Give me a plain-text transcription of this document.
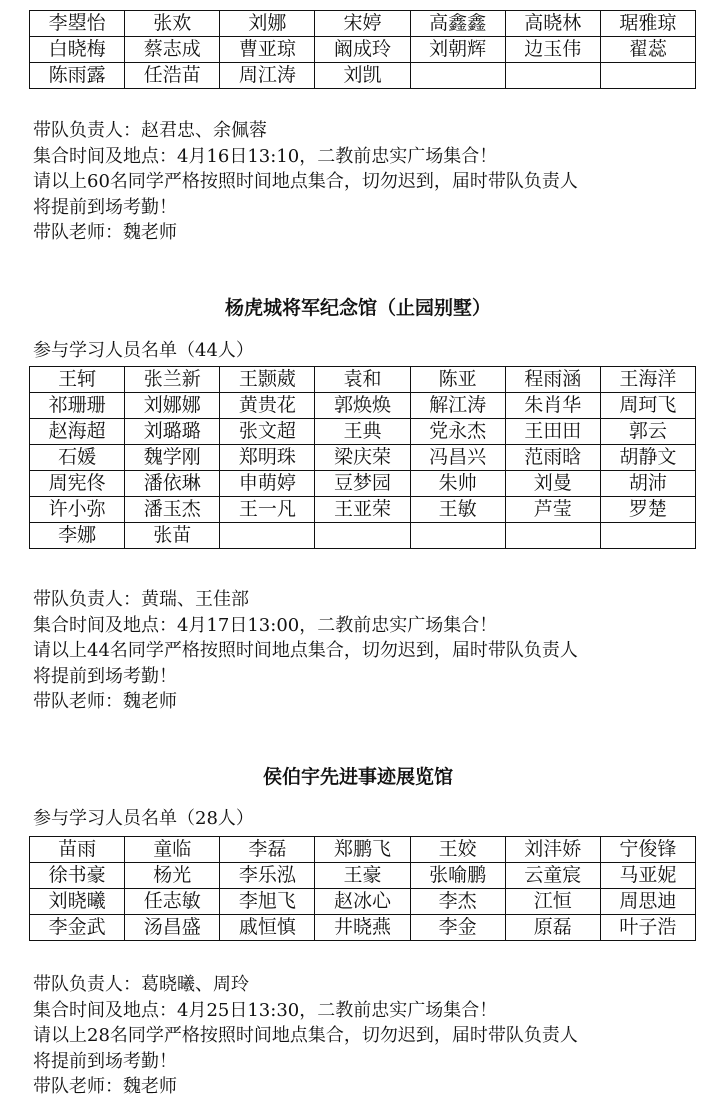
李曌怡	张欢	刘娜	宋婷	高鑫鑫	高晓林	琚雅琼
白晓梅	蔡志成	曹亚琼	阚成玲	刘朝辉	边玉伟	翟蕊
陈雨露	任浩苗	周江涛	刘凯			
带队负责人：赵君忠、余佩蓉
集合时间及地点：4月16日13:10，二教前忠实广场集合！
请以上60名同学严格按照时间地点集合，切勿迟到，届时带队负责人
将提前到场考勤！
带队老师：魏老师
杨虎城将军纪念馆（止园别墅）
参与学习人员名单（44人）
王轲	张兰新	王颢葳	袁和	陈亚	程雨涵	王海洋
祁珊珊	刘娜娜	黄贵花	郭焕焕	解江涛	朱肖华	周珂飞
赵海超	刘璐璐	张文超	王典	党永杰	王田田	郭云
石媛	魏学刚	郑明珠	梁庆荣	冯昌兴	范雨晗	胡静文
周宪佟	潘依琳	申萌婷	豆梦园	朱帅	刘曼	胡沛
许小弥	潘玉杰	王一凡	王亚荣	王敏	芦莹	罗楚
李娜	张苗					
带队负责人：黄瑞、王佳部
集合时间及地点：4月17日13:00，二教前忠实广场集合！
请以上44名同学严格按照时间地点集合，切勿迟到，届时带队负责人
将提前到场考勤！
带队老师：魏老师
侯伯宇先进事迹展览馆
参与学习人员名单（28人）
苗雨	童临	李磊	郑鹏飞	王姣	刘沣娇	宁俊锋
徐书豪	杨光	李乐泓	王豪	张喻鹏	云童宸	马亚妮
刘晓曦	任志敏	李旭飞	赵冰心	李杰	江恒	周思迪
李金武	汤昌盛	戚恒慎	井晓燕	李金	原磊	叶子浩
带队负责人：葛晓曦、周玲
集合时间及地点：4月25日13:30，二教前忠实广场集合！
请以上28名同学严格按照时间地点集合，切勿迟到，届时带队负责人
将提前到场考勤！
带队老师：魏老师
